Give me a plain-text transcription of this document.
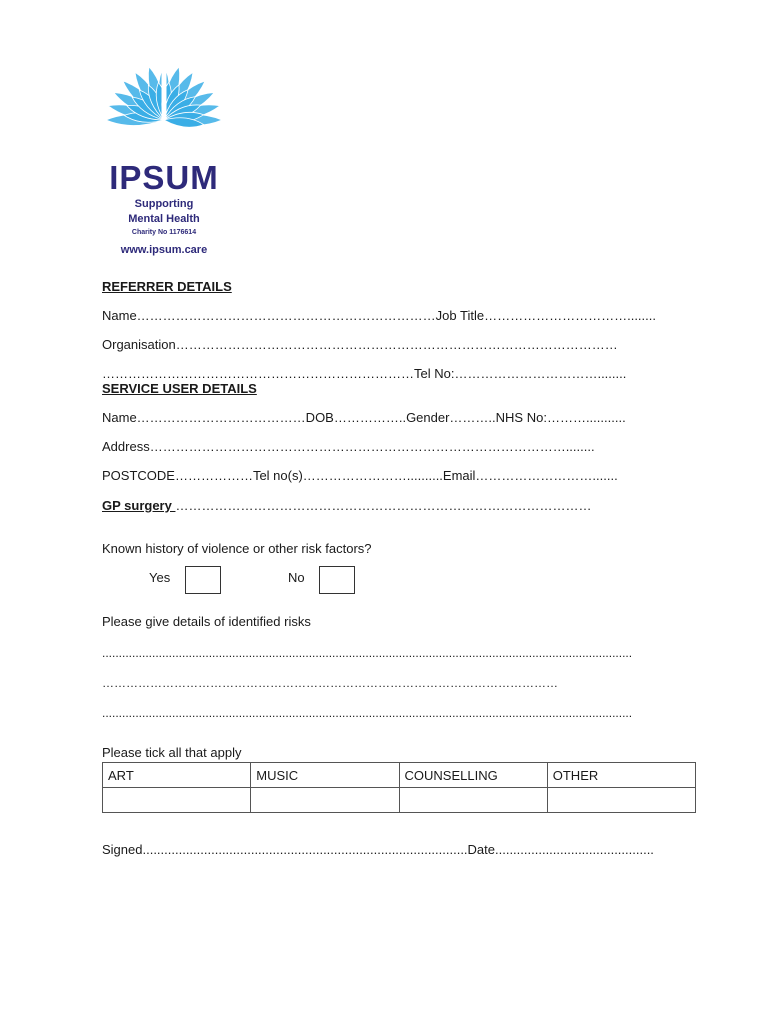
IPSUM
Supporting
Mental Health
Charity No 1176614
www.ipsum.care
REFERRER DETAILS
Name……………………………………………………………Job Title……………………………........
Organisation…………………………………………………………………………………………
………………………………………………………………Tel No:……………………………........
SERVICE USER DETAILS
Name…………………………………DOB……………..Gender………..NHS No:………...........
Address……………………………………………………………………………………........
POSTCODE………………Tel no(s)……………………..........Email……………………….......
GP surgery ……………………………………………………………………………………
Known history of violence or other risk factors?
Yes	No
Please give details of identified risks
...............................................................................................................................................................
……………………………………………………………………………………………………
...............................................................................................................................................................
Please tick all that apply
ART	MUSIC	COUNSELLING	OTHER

Signed..........................................................................................Date............................................
